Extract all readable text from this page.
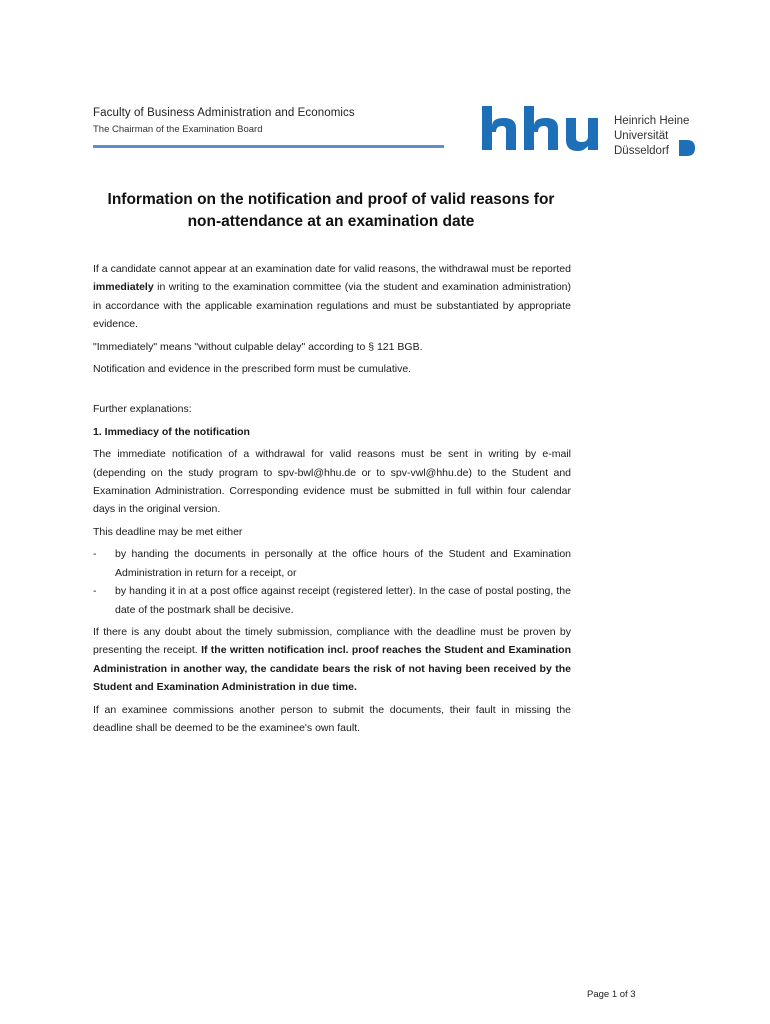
Faculty of Business Administration and Economics
The Chairman of the Examination Board
Heinrich Heine
Universität
Düsseldorf
Information on the notification and proof of valid reasons for
non-attendance at an examination date

If a candidate cannot appear at an examination date for valid reasons, the withdrawal must be reported immediately in writing to the examination committee (via the student and examination administration) in accordance with the applicable examination regulations and must be substantiated by appropriate evidence.

"Immediately" means "without culpable delay" according to § 121 BGB.

Notification and evidence in the prescribed form must be cumulative.

Further explanations:

1. Immediacy of the notification

The immediate notification of a withdrawal for valid reasons must be sent in writing by e-mail (depending on the study program to spv-bwl@hhu.de or to spv-vwl@hhu.de) to the Student and Examination Administration. Corresponding evidence must be submitted in full within four calendar days in the original version.

This deadline may be met either

-	by handing the documents in personally at the office hours of the Student and Examination Administration in return for a receipt, or
-	by handing it in at a post office against receipt (registered letter). In the case of postal posting, the date of the postmark shall be decisive.

If there is any doubt about the timely submission, compliance with the deadline must be proven by presenting the receipt. If the written notification incl. proof reaches the Student and Examination Administration in another way, the candidate bears the risk of not having been received by the Student and Examination Administration in due time.

If an examinee commissions another person to submit the documents, their fault in missing the deadline shall be deemed to be the examinee's own fault.

Page 1 of 3
